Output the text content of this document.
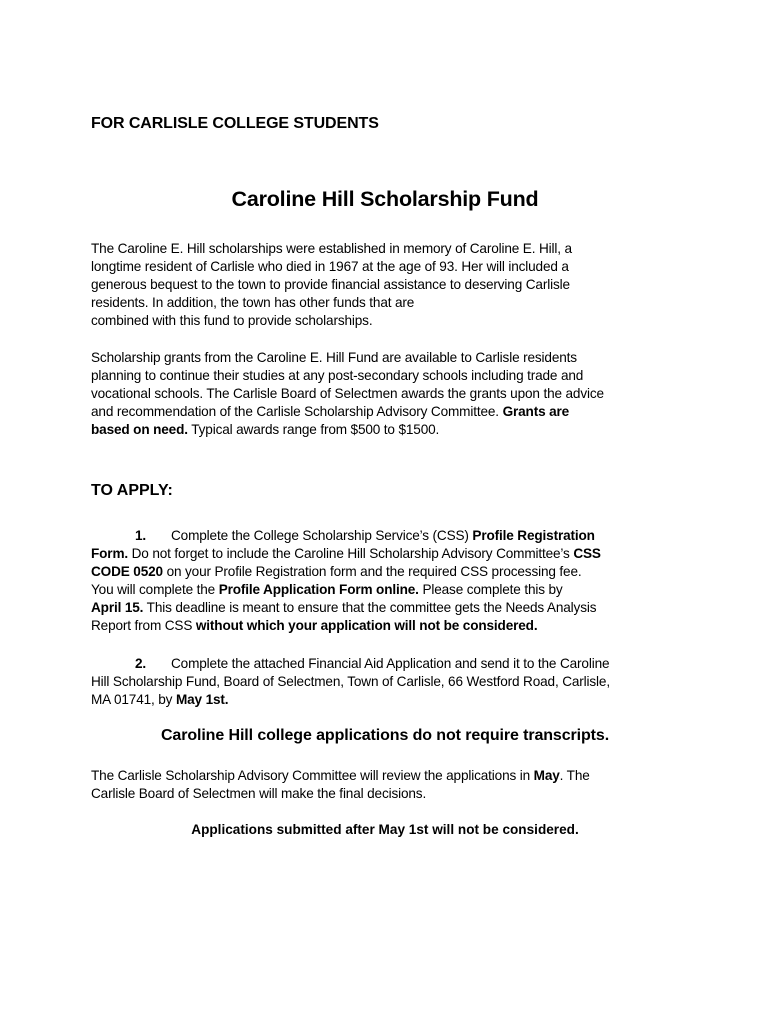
FOR CARLISLE COLLEGE STUDENTS
Caroline Hill Scholarship Fund
The Caroline E. Hill scholarships were established in memory of Caroline E. Hill, a
longtime resident of Carlisle who died in 1967 at the age of 93. Her will included a
generous bequest to the town to provide financial assistance to deserving Carlisle
residents. In addition, the town has other funds that are
combined with this fund to provide scholarships.
Scholarship grants from the Caroline E. Hill Fund are available to Carlisle residents
planning to continue their studies at any post-secondary schools including trade and
vocational schools. The Carlisle Board of Selectmen awards the grants upon the advice
and recommendation of the Carlisle Scholarship Advisory Committee. Grants are
based on need. Typical awards range from $500 to $1500.
TO APPLY:
1. Complete the College Scholarship Service’s (CSS) Profile Registration
Form. Do not forget to include the Caroline Hill Scholarship Advisory Committee’s CSS
CODE 0520 on your Profile Registration form and the required CSS processing fee.
You will complete the Profile Application Form online. Please complete this by
April 15. This deadline is meant to ensure that the committee gets the Needs Analysis
Report from CSS without which your application will not be considered.
2. Complete the attached Financial Aid Application and send it to the Caroline
Hill Scholarship Fund, Board of Selectmen, Town of Carlisle, 66 Westford Road, Carlisle,
MA 01741, by May 1st.
Caroline Hill college applications do not require transcripts.
The Carlisle Scholarship Advisory Committee will review the applications in May. The
Carlisle Board of Selectmen will make the final decisions.
Applications submitted after May 1st will not be considered.
